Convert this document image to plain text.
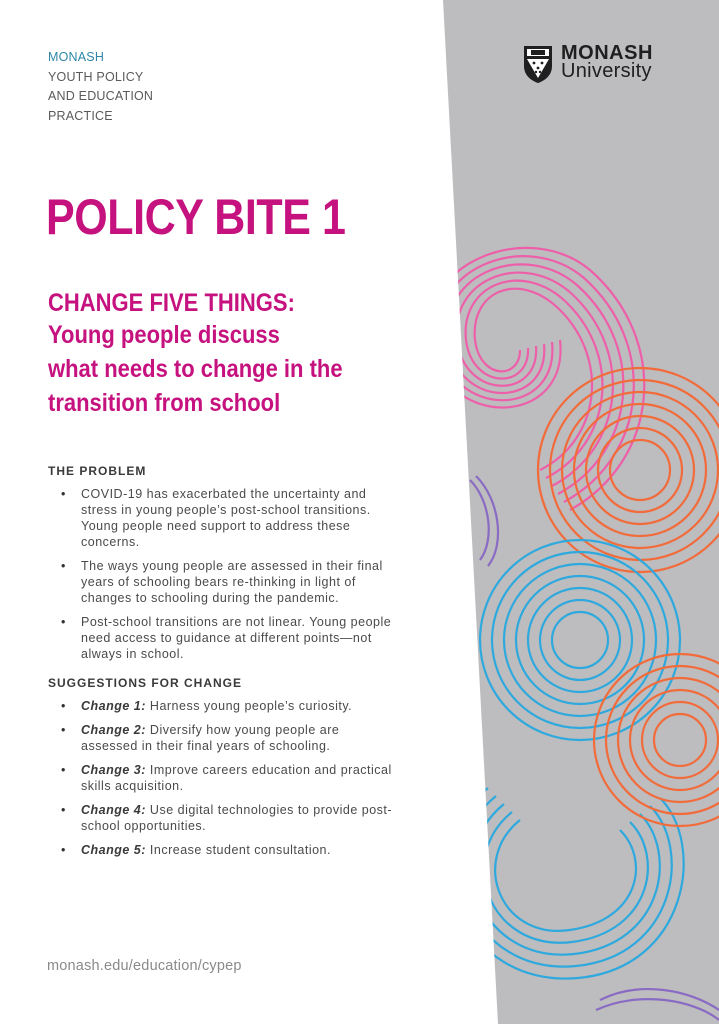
MONASH
YOUTH POLICY
AND EDUCATION
PRACTICE
MONASH
University
POLICY BITE 1
CHANGE FIVE THINGS:
Young people discuss
what needs to change in the
transition from school
THE PROBLEM
• COVID-19 has exacerbated the uncertainty and stress in young people’s post-school transitions. Young people need support to address these concerns.
• The ways young people are assessed in their final years of schooling bears re-thinking in light of changes to schooling during the pandemic.
• Post-school transitions are not linear. Young people need access to guidance at different points—not always in school.
SUGGESTIONS FOR CHANGE
• Change 1: Harness young people’s curiosity.
• Change 2: Diversify how young people are assessed in their final years of schooling.
• Change 3: Improve careers education and practical skills acquisition.
• Change 4: Use digital technologies to provide post-school opportunities.
• Change 5: Increase student consultation.
monash.edu/education/cypep
